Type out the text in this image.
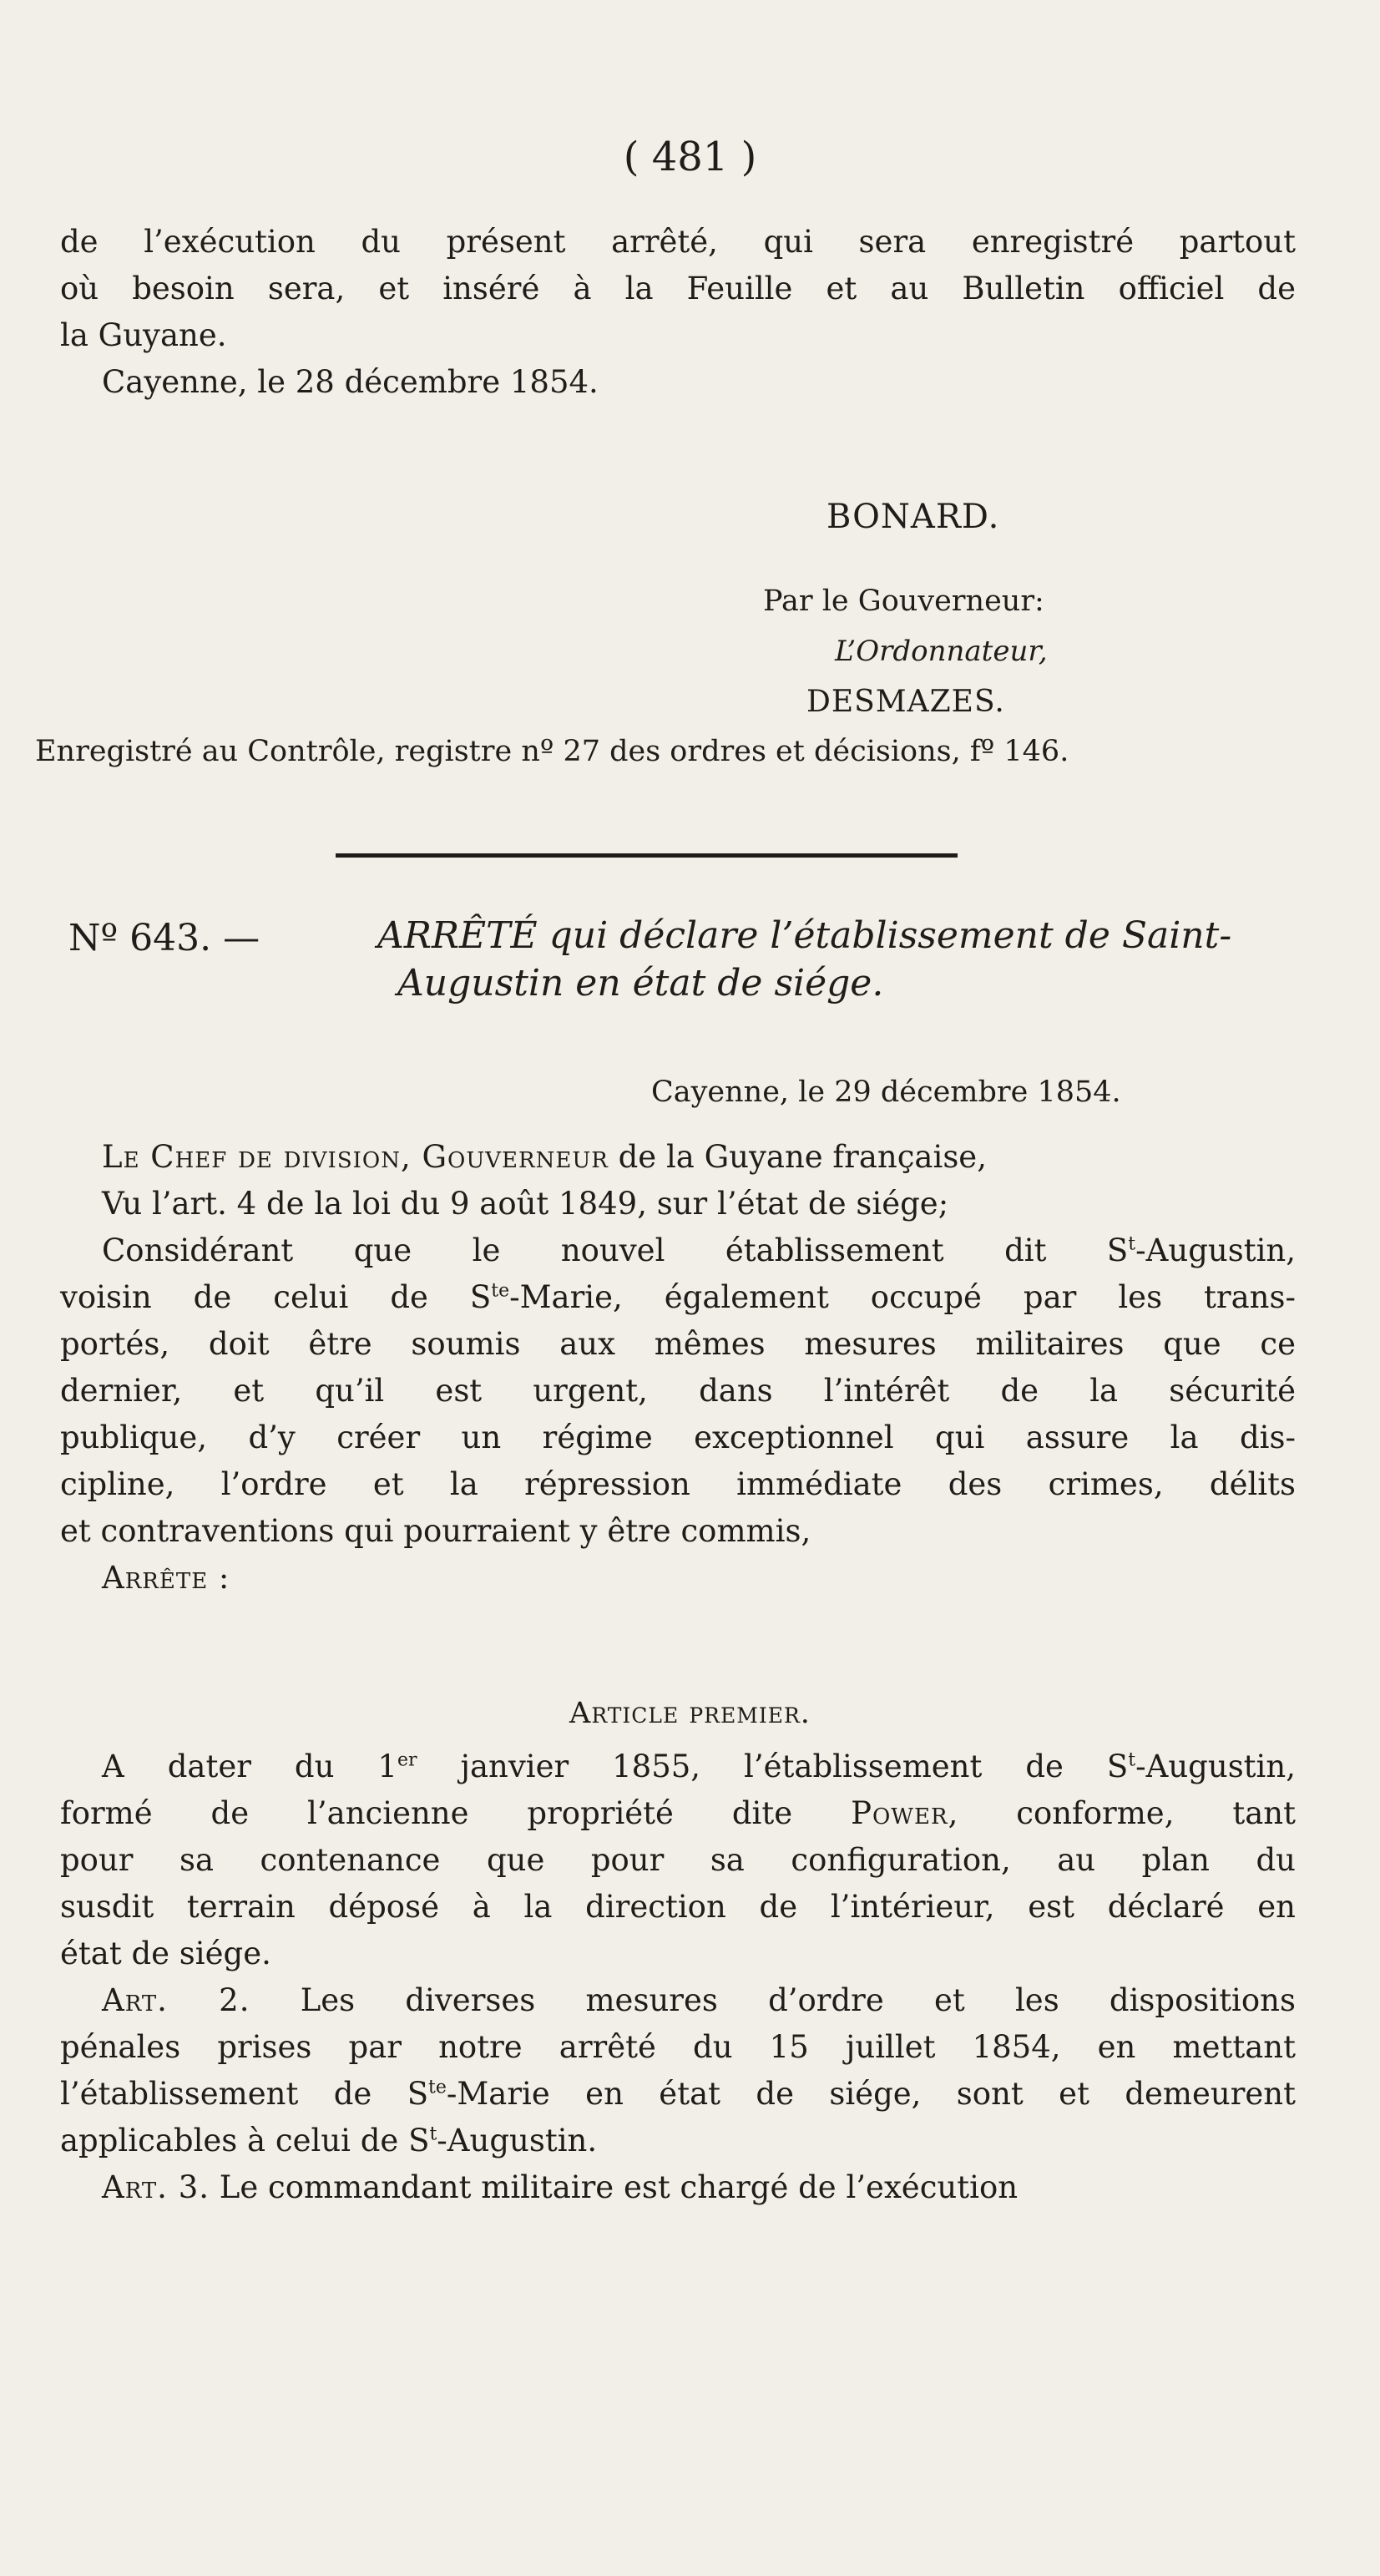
( 481 )
de l’exécution du présent arrêté, qui sera enregistré partout
où besoin sera, et inséré à la Feuille et au Bulletin officiel de
la Guyane.
Cayenne, le 28 décembre 1854.
BONARD.
Par le Gouverneur:
L’Ordonnateur,
DESMAZES.
Enregistré au Contrôle, registre nº 27 des ordres et décisions, fº 146.
Nº 643. —	ARRÊTÉ qui déclare l’établissement de Saint-
Augustin en état de siége.
Cayenne, le 29 décembre 1854.
Le Chef de division, Gouverneur de la Guyane française,
Vu l’art. 4 de la loi du 9 août 1849, sur l’état de siége;
Considérant que le nouvel établissement dit $S^t$-Augustin,
voisin de celui de $S^{te}$-Marie, également occupé par les trans-
portés, doit être soumis aux mêmes mesures militaires que ce
dernier, et qu’il est urgent, dans l’intérêt de la sécurité
publique, d’y créer un régime exceptionnel qui assure la dis-
cipline, l’ordre et la répression immédiate des crimes, délits
et contraventions qui pourraient y être commis,
Arrête :
Article premier.
A dater du 1er janvier 1855, l’établissement de $S^t$-Augustin,
formé de l’ancienne propriété dite Power, conforme, tant
pour sa contenance que pour sa configuration, au plan du
susdit terrain déposé à la direction de l’intérieur, est déclaré en
état de siége.
Art. 2. Les diverses mesures d’ordre et les dispositions
pénales prises par notre arrêté du 15 juillet 1854, en mettant
l’établissement de $S^{te}$-Marie en état de siége, sont et demeurent
applicables à celui de $S^t$-Augustin.
Art. 3. Le commandant militaire est chargé de l’exécution
